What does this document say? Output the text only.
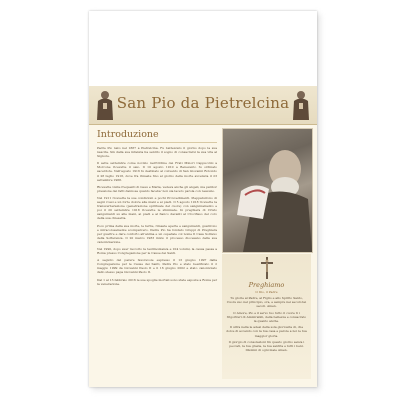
San Pio da Pietrelcina
Introduzione

Padre Pio nato nel 1887 a Pietrelcina. Fu battezzato il giorno dopo la sua nascita. Sin dalla sua infanzia ha sentito il sogno di consacrarsi la sua vita al Signore.

Il sette settembre come novizio nell'Ordine dei Frati Minori Cappuccini a Morcone ricevette il saio. Il 10 agosto 1910 a Benevento fu ordinato sacerdote. Nell'agosto 1916 fu destinato al convento di San Giovanni Rotondo il 28 luglio 1916, dove fra rimaste fino al giorno della morte avvenuta il 23 settembre 1968.

Ricevette visite frequenti di Gesu e Maria, vedeva anche gli angeli, ma patibor pressione dei fatti dannose quanto faceba' non sia lacero parola con nessuno.

Nel 1911 ricevette la sue condizioni e pochi Provvedimenti. Pieppatuirono di segni rossi e un forte dolore alle mani e ai piedi. Il 5 agosto 1918 ricevette la transverberazione (penetrazione spirituale del cuore) con sanguinamento e poi il 20 settembre 1918 ricevette le stimmate. In preghiera di Cristo sanguinanti su alle mani, ai piedi e al fianco davanti al Crocifisso del coro della sua chiesetta.

Poco prima della sua morte, le ferite, rimaste aperte e sanguinanti, guarirono e miracolosamente scomparvero. Padre Pio ha fondato Gruppi di Preghiera per guarire e dare conforto all'anima e un ospedale col nome Il Casa Sollievo della Sofferenza. Il 20 marzo 1983 inizio il processo diocesano della sua canonizzazione.

Nel 1990, dopo aver raccolto la testimonianza e 104 volumi, la causa passa a Roma presso Congregazione per le Cause dei Santi.

A seguito del parere favorevole espresso il 13 giugno 1997 dalla Congregazione per le Cause dei Santi, Padre Pio e stato beatificato il 2 maggio 1999 da Giovanni Paolo II e il 16 giugno 2002 e stato canonizzato dallo stesso papa Giovanni Paolo II.

Dal 1 al 13 febbraio 2016 le sue spoglie mortali sono state esposte a Roma per la venerazione.	Preghiamo
O Dio, il Padre

Tu glorie al Padre, al Figlio e allo Spirito Santo, Cuore suo nel principio, ora, e sempre nei secoli dei secoli. Amen.

O Amore, Pio e il servo tuo tutto il cuore ti i frigoriferi di Ammirabili, della bellezza e consacrato la quanto anche.

Il ultra nella le adesi della sola gloriosita di, che dolce di accendo con la tua casa e parole a noi le tua maggior gloria.

Il giorgio di consolazioni fin questo giorno senza i peccati, la tua grazia, la tua santita e tutti i beni. Illumini di ogni male Amen.
